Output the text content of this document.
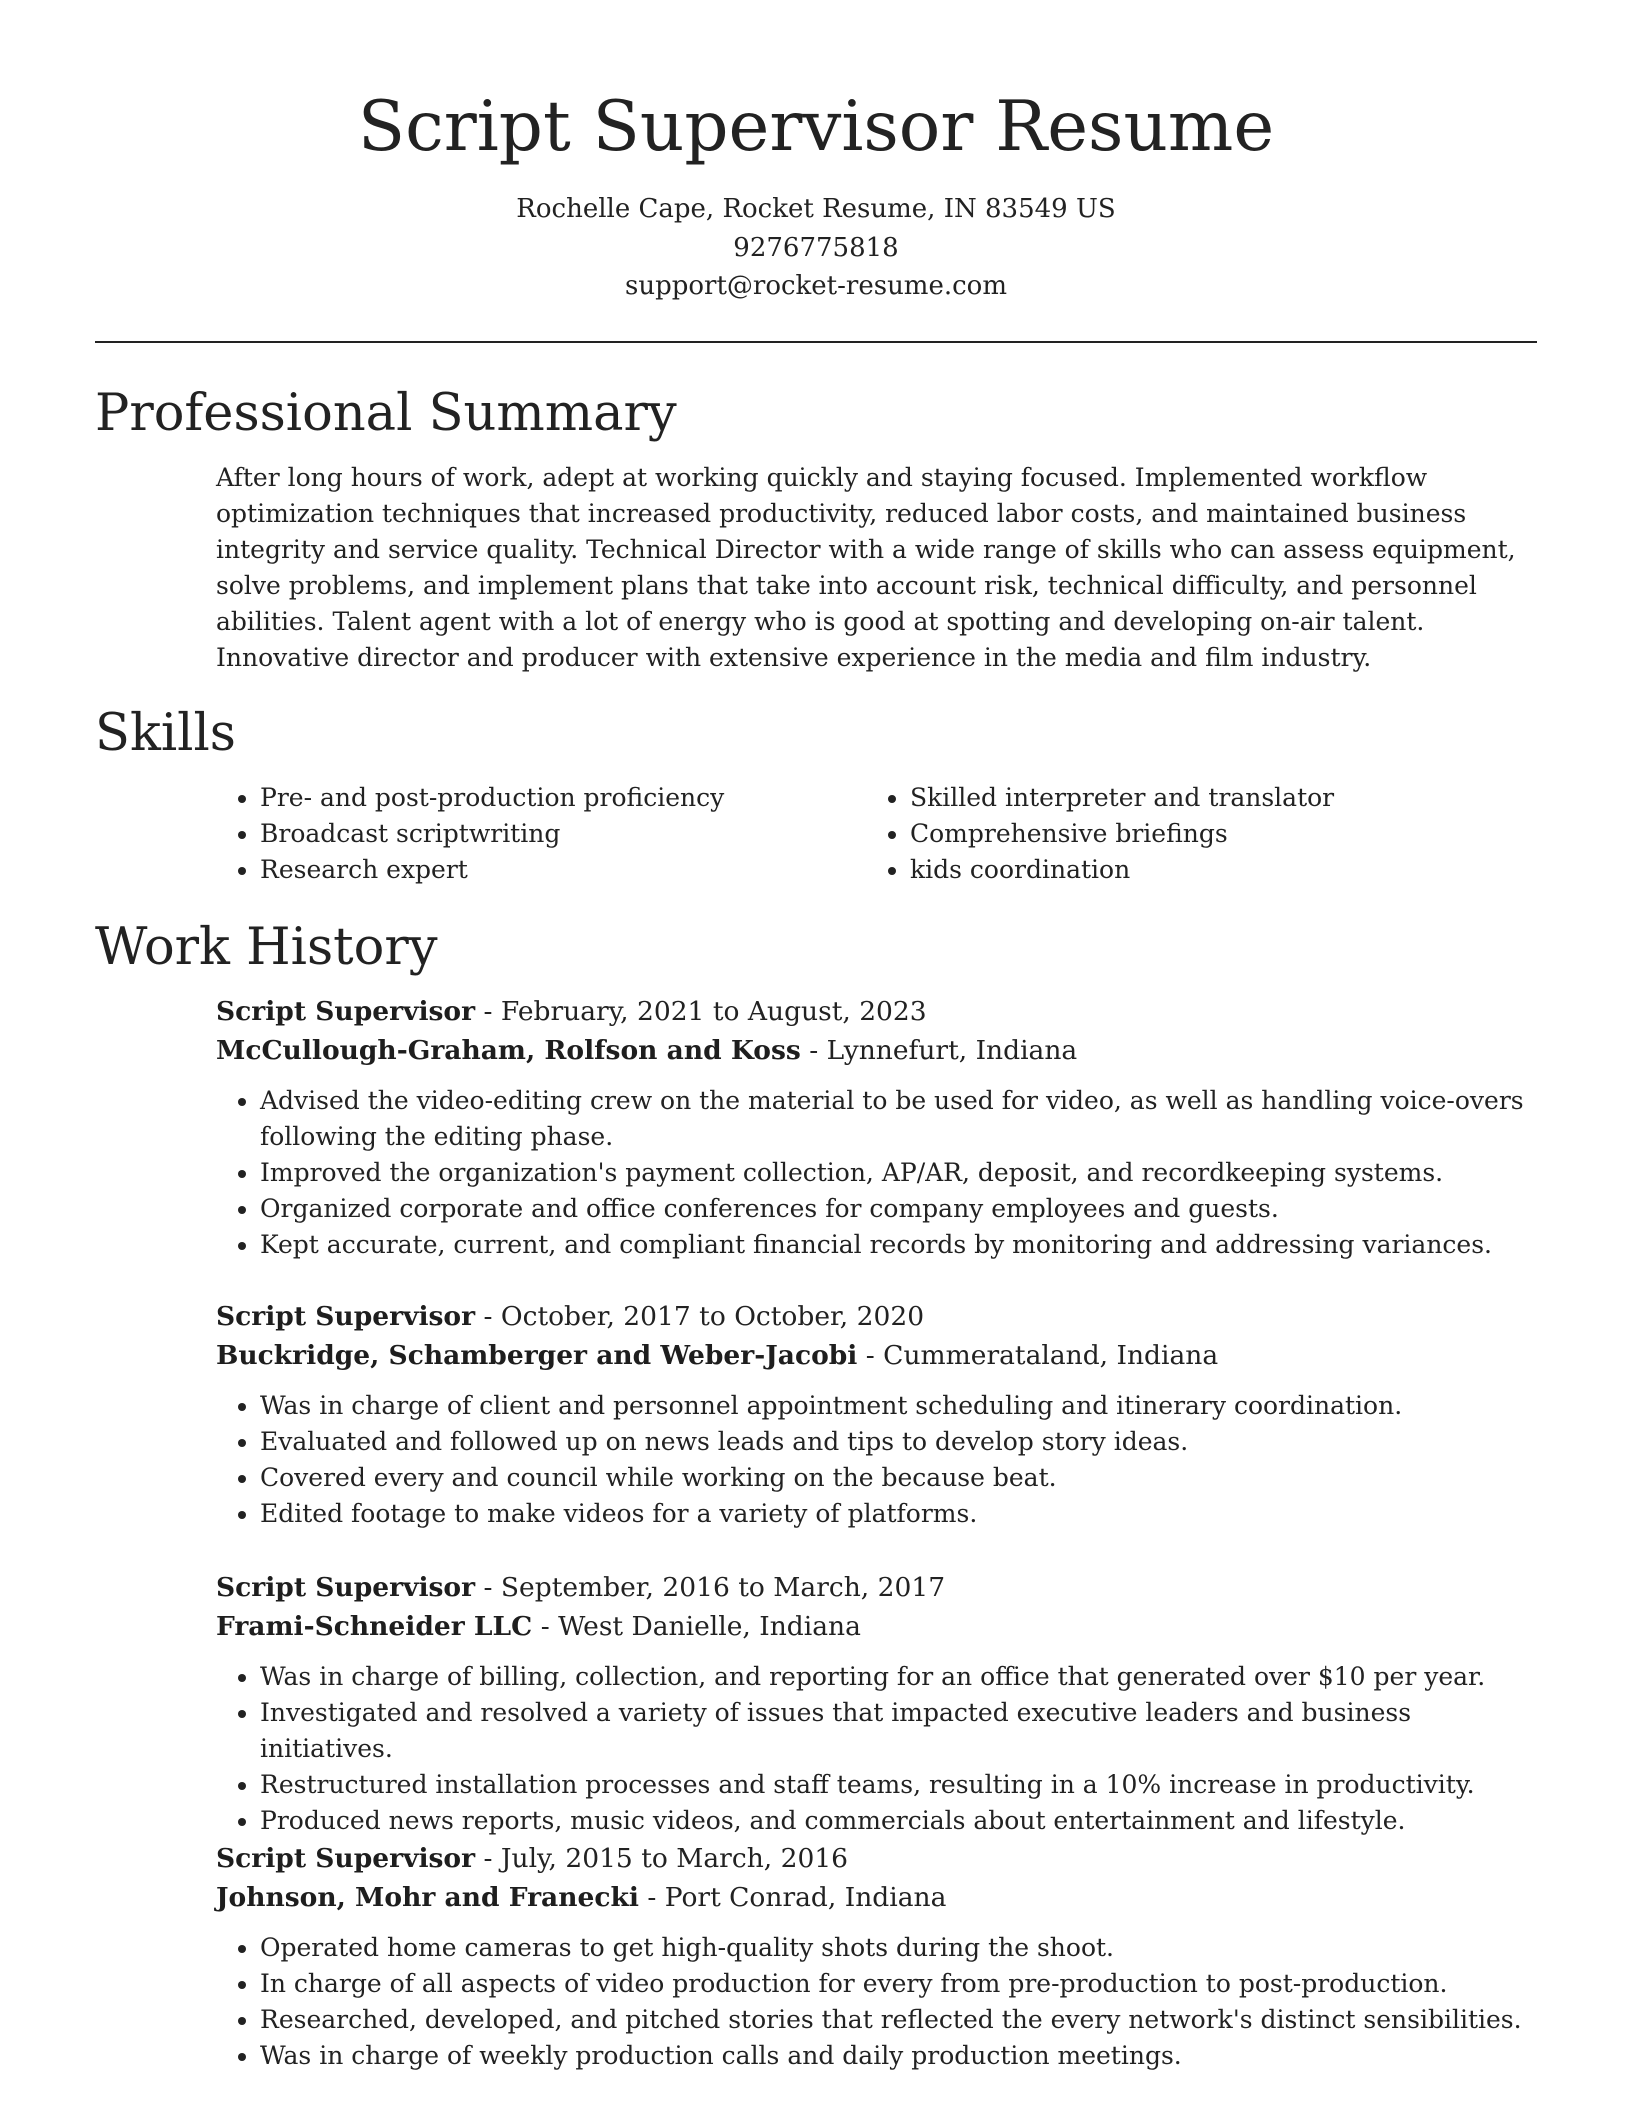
Script Supervisor Resume
Rochelle Cape, Rocket Resume, IN 83549 US
9276775818
support@rocket-resume.com
Professional Summary

After long hours of work, adept at working quickly and staying focused. Implemented workflow optimization techniques that increased productivity, reduced labor costs, and maintained business integrity and service quality. Technical Director with a wide range of skills who can assess equipment, solve problems, and implement plans that take into account risk, technical difficulty, and personnel abilities. Talent agent with a lot of energy who is good at spotting and developing on-air talent. Innovative director and producer with extensive experience in the media and film industry.

Skills
• Pre- and post-production proficiency
• Broadcast scriptwriting
• Research expert
• Skilled interpreter and translator
• Comprehensive briefings
• kids coordination
Work History
Script Supervisor - February, 2021 to August, 2023
McCullough-Graham, Rolfson and Koss - Lynnefurt, Indiana
• Advised the video-editing crew on the material to be used for video, as well as handling voice-overs following the editing phase.
• Improved the organization's payment collection, AP/AR, deposit, and recordkeeping systems.
• Organized corporate and office conferences for company employees and guests.
• Kept accurate, current, and compliant financial records by monitoring and addressing variances.
Script Supervisor - October, 2017 to October, 2020
Buckridge, Schamberger and Weber-Jacobi - Cummerataland, Indiana
• Was in charge of client and personnel appointment scheduling and itinerary coordination.
• Evaluated and followed up on news leads and tips to develop story ideas.
• Covered every and council while working on the because beat.
• Edited footage to make videos for a variety of platforms.
Script Supervisor - September, 2016 to March, 2017
Frami-Schneider LLC - West Danielle, Indiana
• Was in charge of billing, collection, and reporting for an office that generated over $10 per year.
• Investigated and resolved a variety of issues that impacted executive leaders and business initiatives.
• Restructured installation processes and staff teams, resulting in a 10% increase in productivity.
• Produced news reports, music videos, and commercials about entertainment and lifestyle.
Script Supervisor - July, 2015 to March, 2016
Johnson, Mohr and Franecki - Port Conrad, Indiana
• Operated home cameras to get high-quality shots during the shoot.
• In charge of all aspects of video production for every from pre-production to post-production.
• Researched, developed, and pitched stories that reflected the every network's distinct sensibilities.
• Was in charge of weekly production calls and daily production meetings.
